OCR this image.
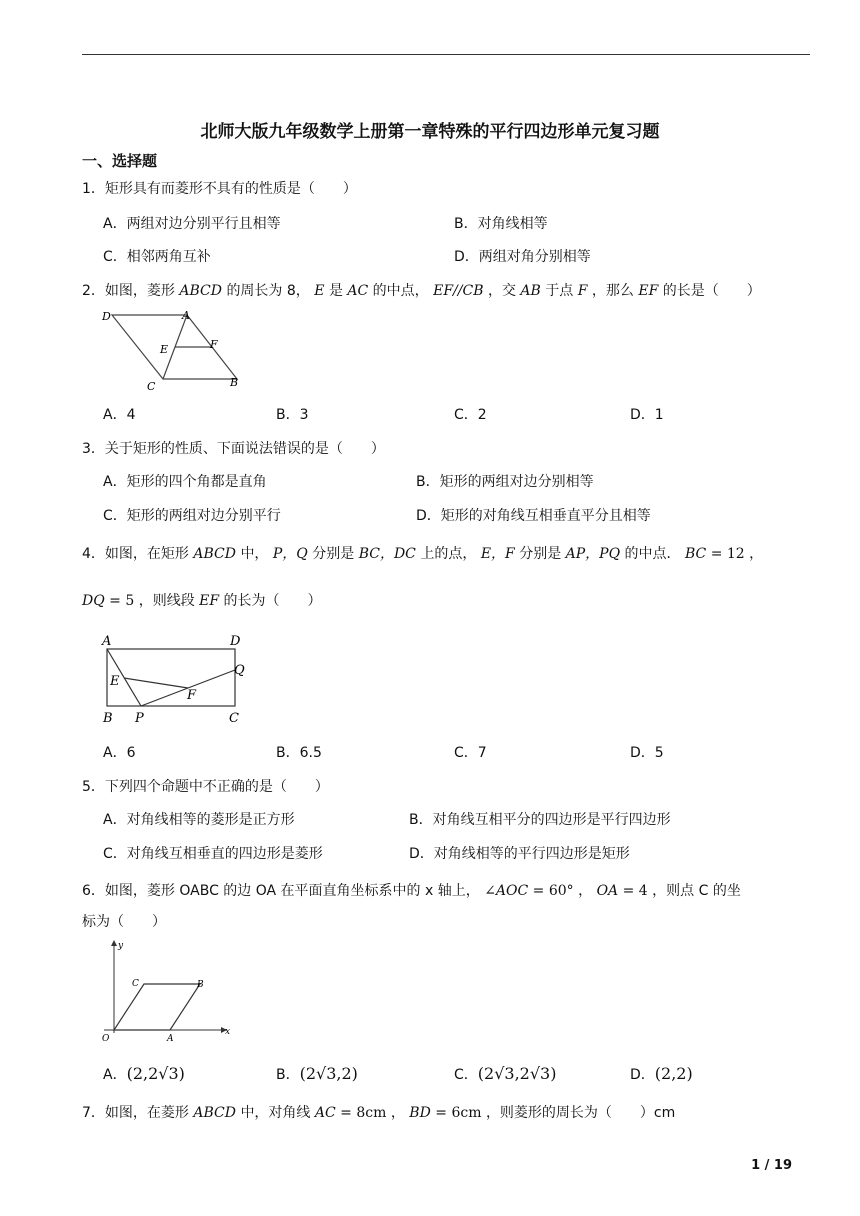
北师大版九年级数学上册第一章特殊的平行四边形单元复习题
一、选择题
1．矩形具有而菱形不具有的性质是（　　）
A．两组对边分别平行且相等	B．对角线相等
C．相邻两角互补	D．两组对角分别相等
2．如图，菱形 ABCD 的周长为 8， E 是 AC 的中点， EF//CB ，交 AB 于点 F ，那么 EF 的长是（　　）
D	A
E	F
C	B
A．4	B．3	C．2	D．1
3．关于矩形的性质、下面说法错误的是（　　）
A．矩形的四个角都是直角	B．矩形的两组对边分别相等
C．矩形的两组对边分别平行	D．矩形的对角线互相垂直平分且相等
4．如图，在矩形 ABCD 中， P，Q 分别是 BC，DC 上的点， E，F 分别是 AP，PQ 的中点． BC = 12 ，
DQ = 5 ，则线段 EF 的长为（　　）
A	D
Q
E
F
B P	C
A．6	B．6.5	C．7	D．5
5．下列四个命题中不正确的是（　　）
A．对角线相等的菱形是正方形	B．对角线互相平分的四边形是平行四边形
C．对角线互相垂直的四边形是菱形	D．对角线相等的平行四边形是矩形
6．如图，菱形 OABC 的边 OA 在平面直角坐标系中的 x 轴上， ∠AOC = 60° ， OA = 4 ，则点 C 的坐
标为（　　）
y
C	B
O	A
x
A．(2,2√3)	B．(2√3,2)	C．(2√3,2√3)	D．(2,2)
7．如图，在菱形 ABCD 中，对角线 AC = 8cm ， BD = 6cm ，则菱形的周长为（　　）cm
1 / 19
